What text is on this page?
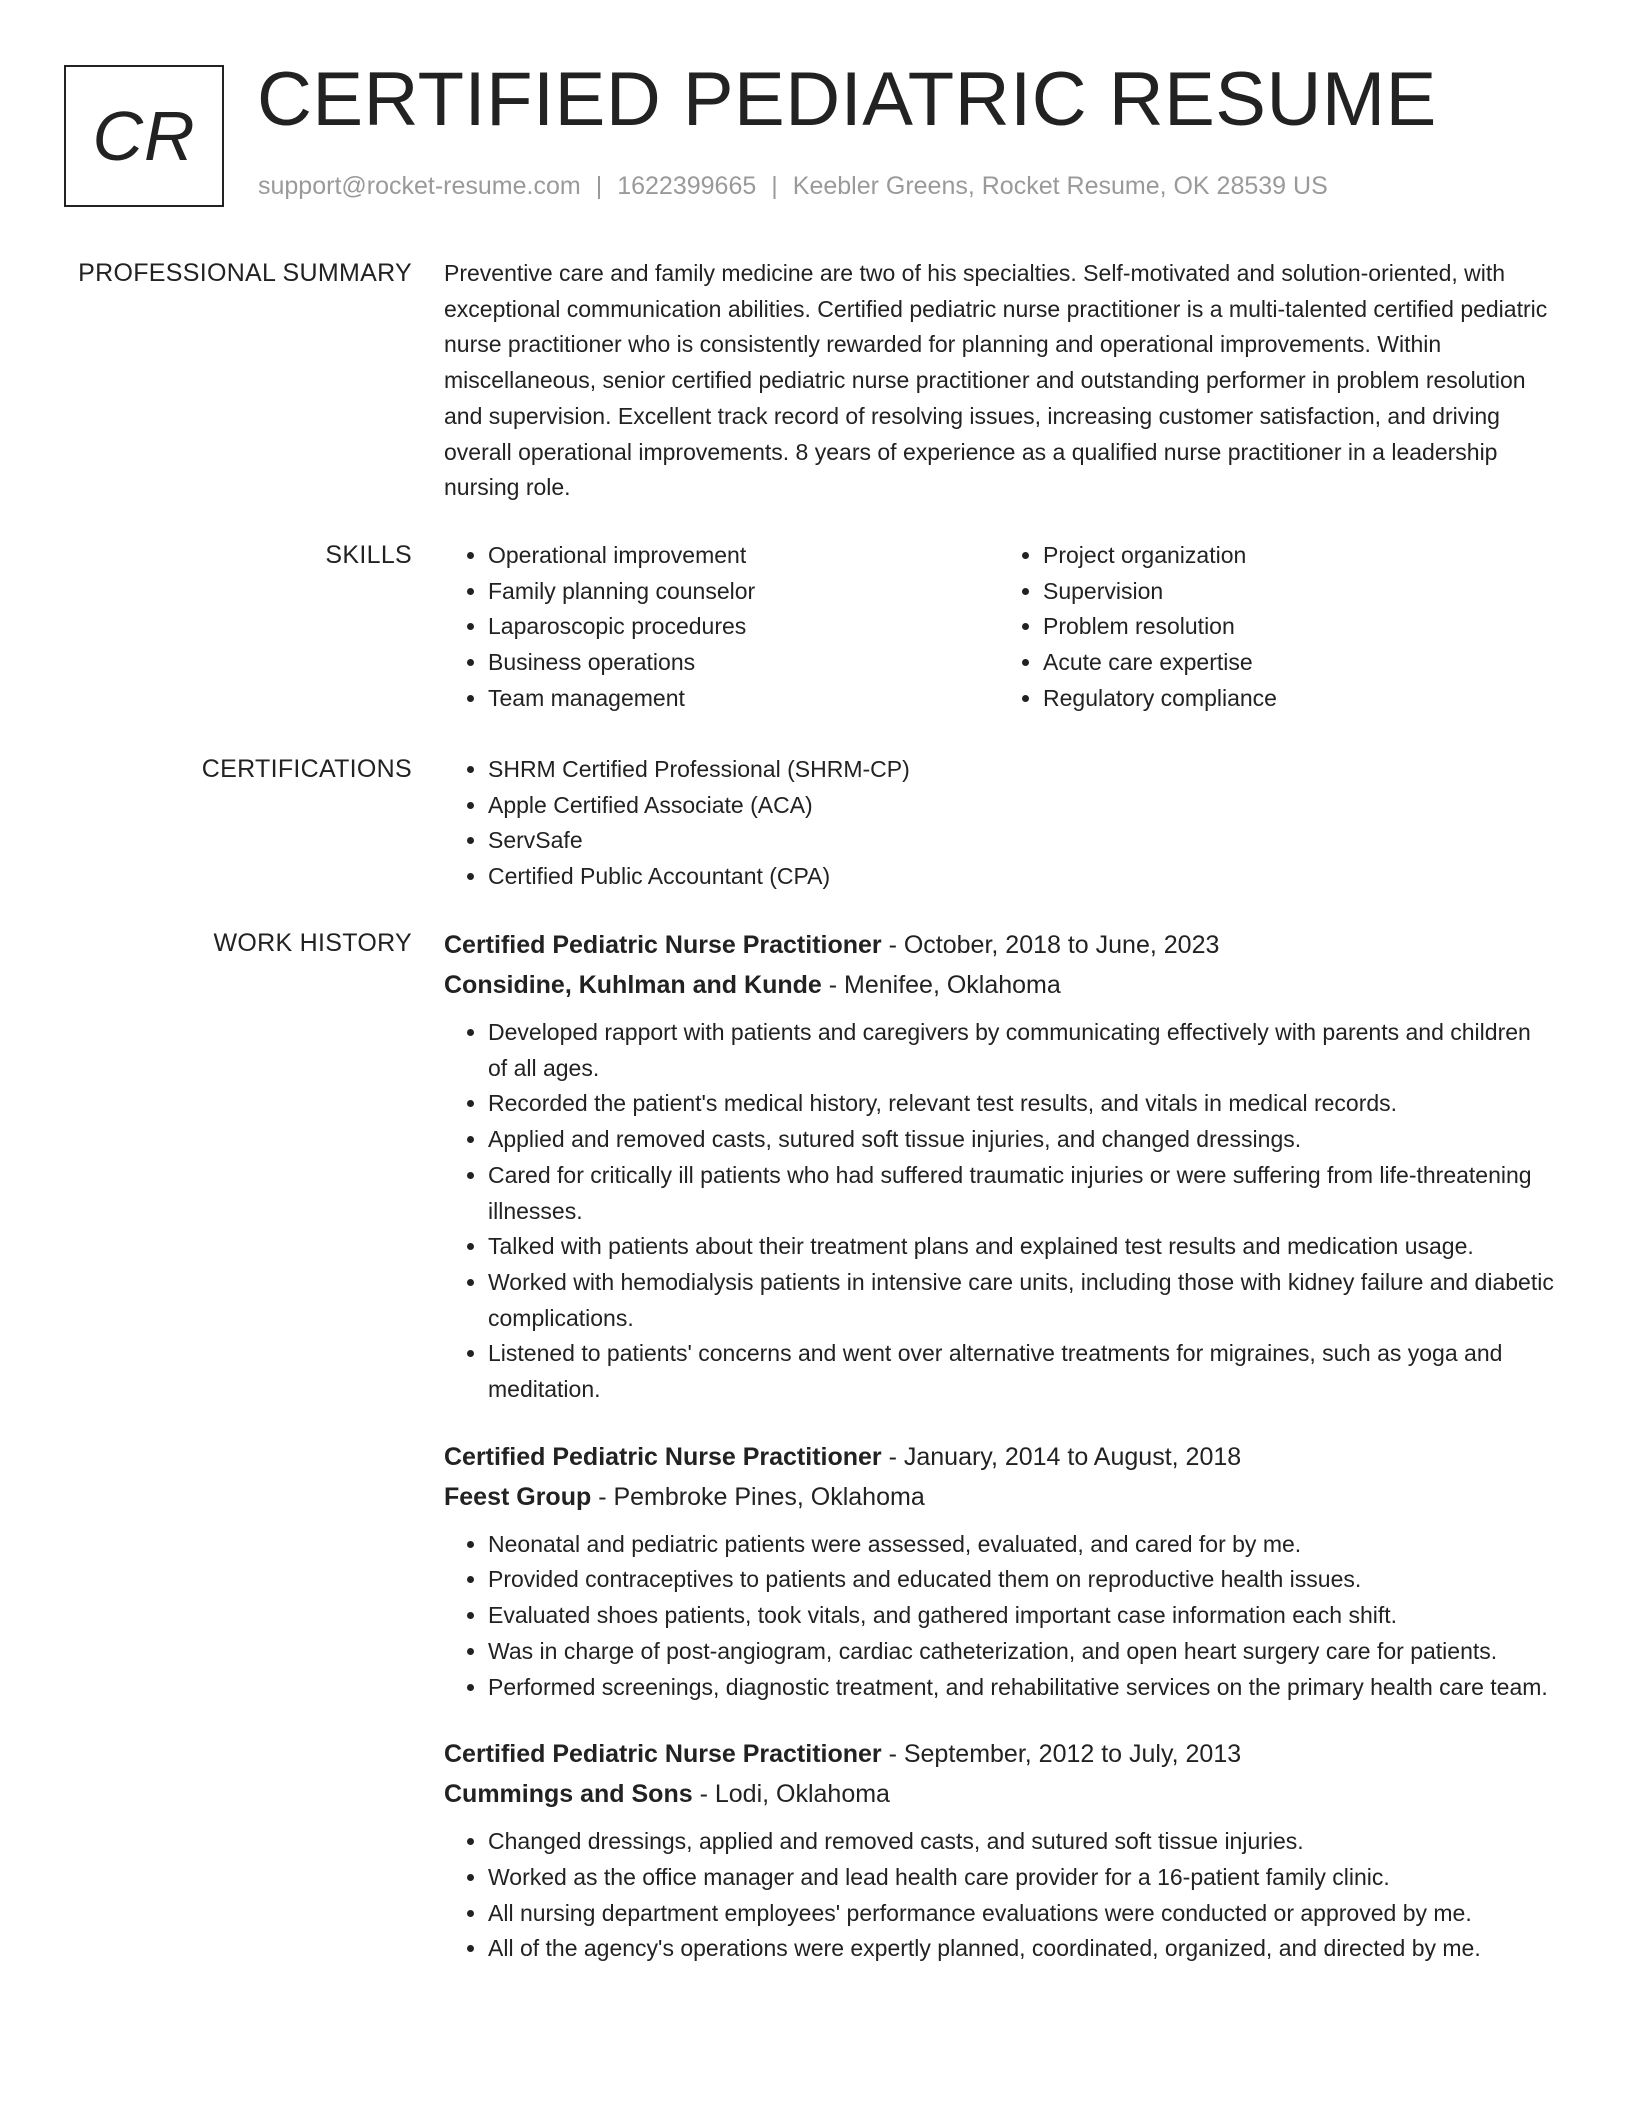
CR CERTIFIED PEDIATRIC RESUME
support@rocket-resume.com | 1622399665 | Keebler Greens, Rocket Resume, OK 28539 US
PROFESSIONAL SUMMARY Preventive care and family medicine are two of his specialties. Self-motivated and solution-oriented, with exceptional communication abilities. Certified pediatric nurse practitioner is a multi-talented certified pediatric nurse practitioner who is consistently rewarded for planning and operational improvements. Within miscellaneous, senior certified pediatric nurse practitioner and outstanding performer in problem resolution and supervision. Excellent track record of resolving issues, increasing customer satisfaction, and driving overall operational improvements. 8 years of experience as a qualified nurse practitioner in a leadership nursing role.

SKILLS	• Operational improvement
• Family planning counselor
• Laparoscopic procedures
• Business operations
• Team management
• Project organization
• Supervision
• Problem resolution
• Acute care expertise
• Regulatory compliance
CERTIFICATIONS	• SHRM Certified Professional (SHRM-CP)
• Apple Certified Associate (ACA)
• ServSafe
• Certified Public Accountant (CPA)
WORK HISTORY Certified Pediatric Nurse Practitioner - October, 2018 to June, 2023
Considine, Kuhlman and Kunde - Menifee, Oklahoma
• Developed rapport with patients and caregivers by communicating effectively with parents and children of all ages.
• Recorded the patient's medical history, relevant test results, and vitals in medical records.
• Applied and removed casts, sutured soft tissue injuries, and changed dressings.
• Cared for critically ill patients who had suffered traumatic injuries or were suffering from life-threatening illnesses.
• Talked with patients about their treatment plans and explained test results and medication usage.
• Worked with hemodialysis patients in intensive care units, including those with kidney failure and diabetic complications.
• Listened to patients' concerns and went over alternative treatments for migraines, such as yoga and meditation.
Certified Pediatric Nurse Practitioner - January, 2014 to August, 2018
Feest Group - Pembroke Pines, Oklahoma
• Neonatal and pediatric patients were assessed, evaluated, and cared for by me.
• Provided contraceptives to patients and educated them on reproductive health issues.
• Evaluated shoes patients, took vitals, and gathered important case information each shift.
• Was in charge of post-angiogram, cardiac catheterization, and open heart surgery care for patients.
• Performed screenings, diagnostic treatment, and rehabilitative services on the primary health care team.
Certified Pediatric Nurse Practitioner - September, 2012 to July, 2013
Cummings and Sons - Lodi, Oklahoma
• Changed dressings, applied and removed casts, and sutured soft tissue injuries.
• Worked as the office manager and lead health care provider for a 16-patient family clinic.
• All nursing department employees' performance evaluations were conducted or approved by me.
• All of the agency's operations were expertly planned, coordinated, organized, and directed by me.
